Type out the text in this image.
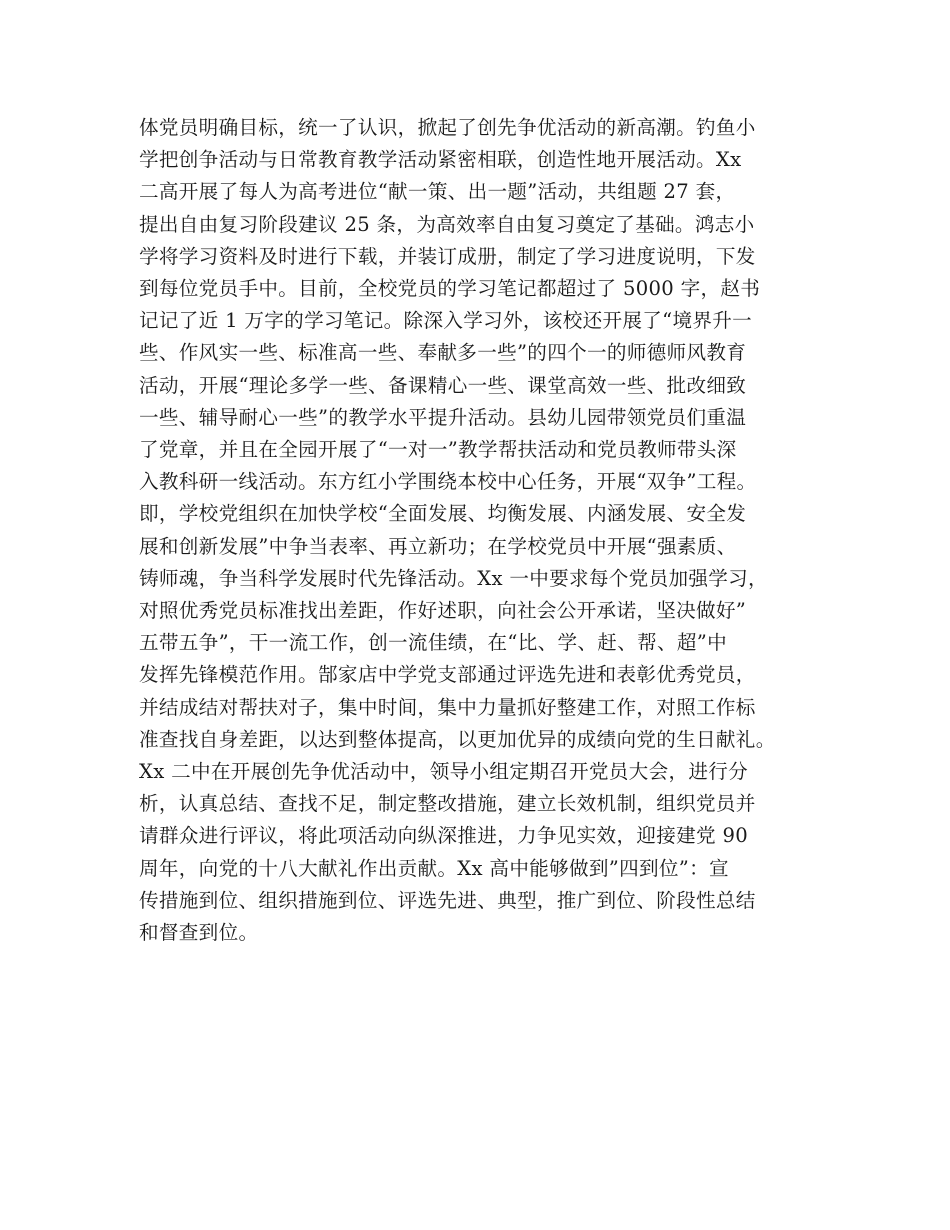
体党员明确目标，统一了认识，掀起了创先争优活动的新高潮。钓鱼小
学把创争活动与日常教育教学活动紧密相联，创造性地开展活动。Xx
二高开展了每人为高考进位“献一策、出一题”活动，共组题 27 套，
提出自由复习阶段建议 25 条，为高效率自由复习奠定了基础。鸿志小
学将学习资料及时进行下载，并装订成册，制定了学习进度说明，下发
到每位党员手中。目前，全校党员的学习笔记都超过了 5000 字，赵书
记记了近 1 万字的学习笔记。除深入学习外，该校还开展了“境界升一
些、作风实一些、标准高一些、奉献多一些”的四个一的师德师风教育
活动，开展“理论多学一些、备课精心一些、课堂高效一些、批改细致
一些、辅导耐心一些”的教学水平提升活动。县幼儿园带领党员们重温
了党章，并且在全园开展了“一对一”教学帮扶活动和党员教师带头深
入教科研一线活动。东方红小学围绕本校中心任务，开展“双争”工程。
即，学校党组织在加快学校“全面发展、均衡发展、内涵发展、安全发
展和创新发展”中争当表率、再立新功；在学校党员中开展“强素质、
铸师魂，争当科学发展时代先锋活动。Xx 一中要求每个党员加强学习，
对照优秀党员标准找出差距，作好述职，向社会公开承诺，坚决做好”
五带五争”，干一流工作，创一流佳绩，在“比、学、赶、帮、超”中
发挥先锋模范作用。郜家店中学党支部通过评选先进和表彰优秀党员，
并结成结对帮扶对子，集中时间，集中力量抓好整建工作，对照工作标
准查找自身差距，以达到整体提高，以更加优异的成绩向党的生日献礼。
Xx 二中在开展创先争优活动中，领导小组定期召开党员大会，进行分
析，认真总结、查找不足，制定整改措施，建立长效机制，组织党员并
请群众进行评议，将此项活动向纵深推进，力争见实效，迎接建党 90
周年，向党的十八大献礼作出贡献。Xx 高中能够做到”四到位”：宣
传措施到位、组织措施到位、评选先进、典型，推广到位、阶段性总结
和督查到位。
